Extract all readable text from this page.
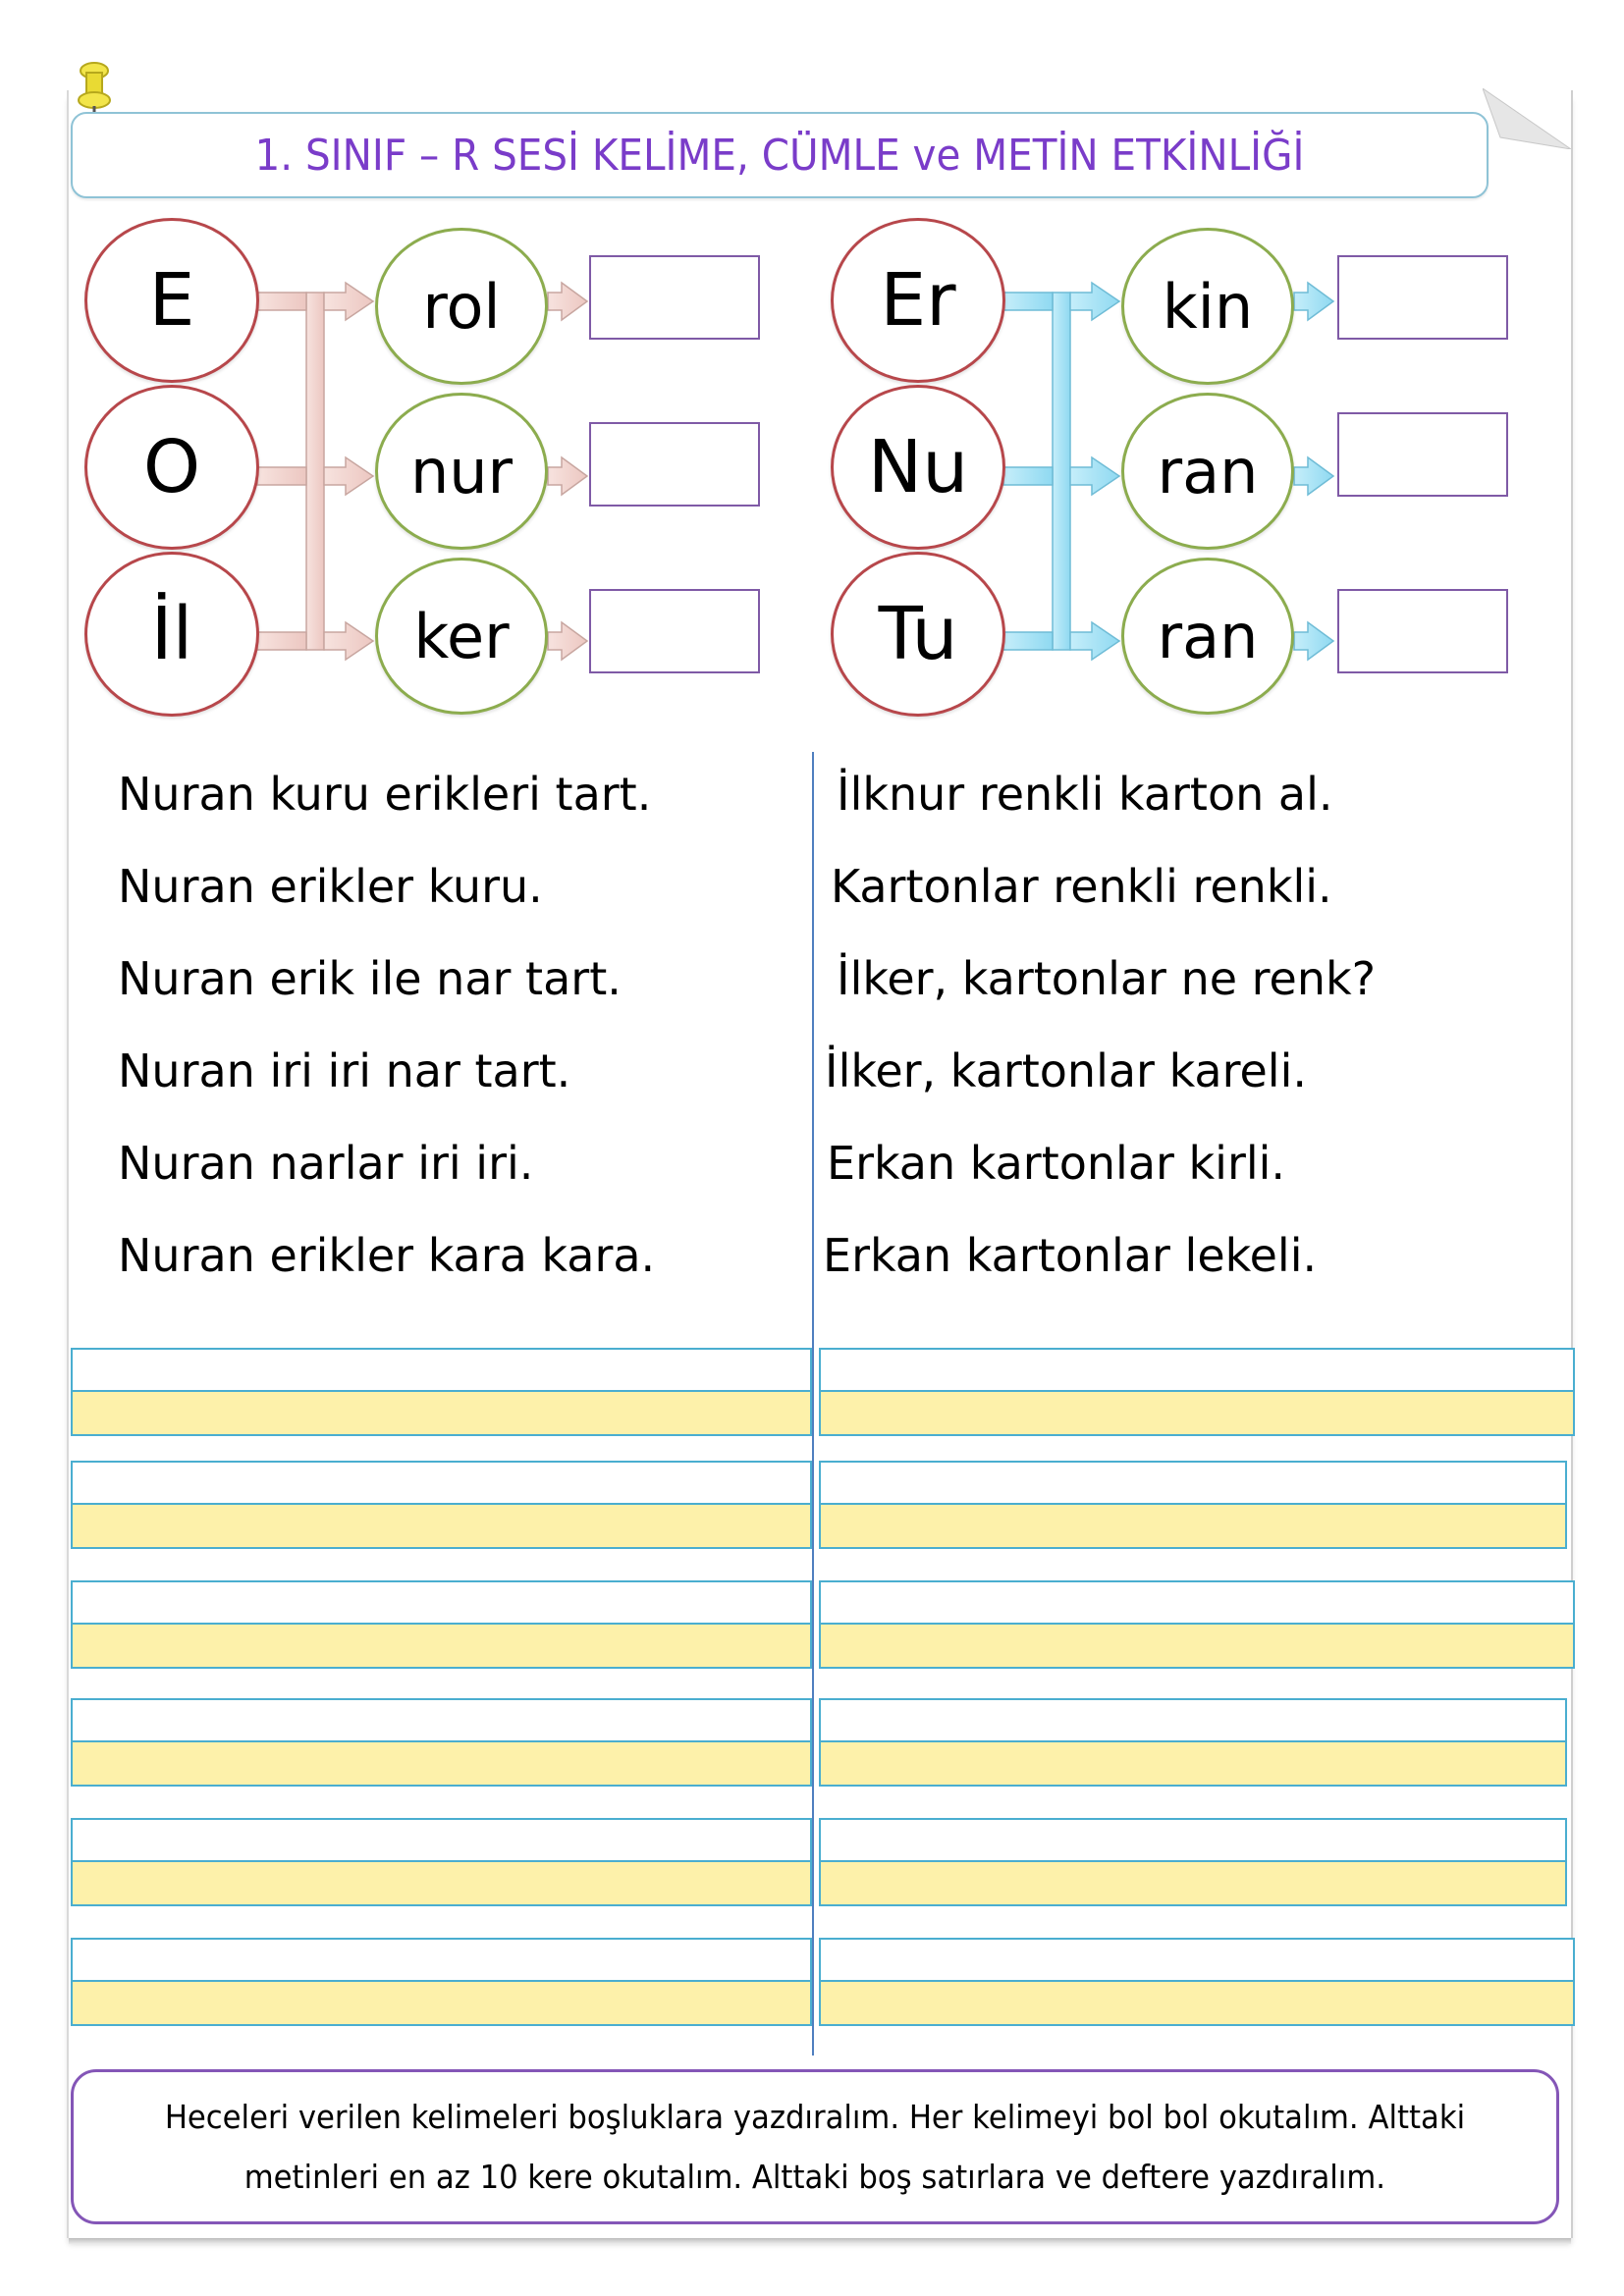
1. SINIF – R SESİ KELİME, CÜMLE ve METİN ETKİNLİĞİ
E
O
İl
rol
nur
ker
Er
Nu
Tu
kin
ran
ran
Nuran kuru erikleri tart.
Nuran erikler kuru.
Nuran erik ile nar tart.
Nuran iri iri nar tart.
Nuran narlar iri iri.
Nuran erikler kara kara.
İlknur renkli karton al.
Kartonlar renkli renkli.
İlker, kartonlar ne renk?
İlker, kartonlar kareli.
Erkan kartonlar kirli.
Erkan kartonlar lekeli.
Heceleri verilen kelimeleri boşluklara yazdıralım. Her kelimeyi bol bol okutalım. Alttaki
metinleri en az 10 kere okutalım. Alttaki boş satırlara ve deftere yazdıralım.
